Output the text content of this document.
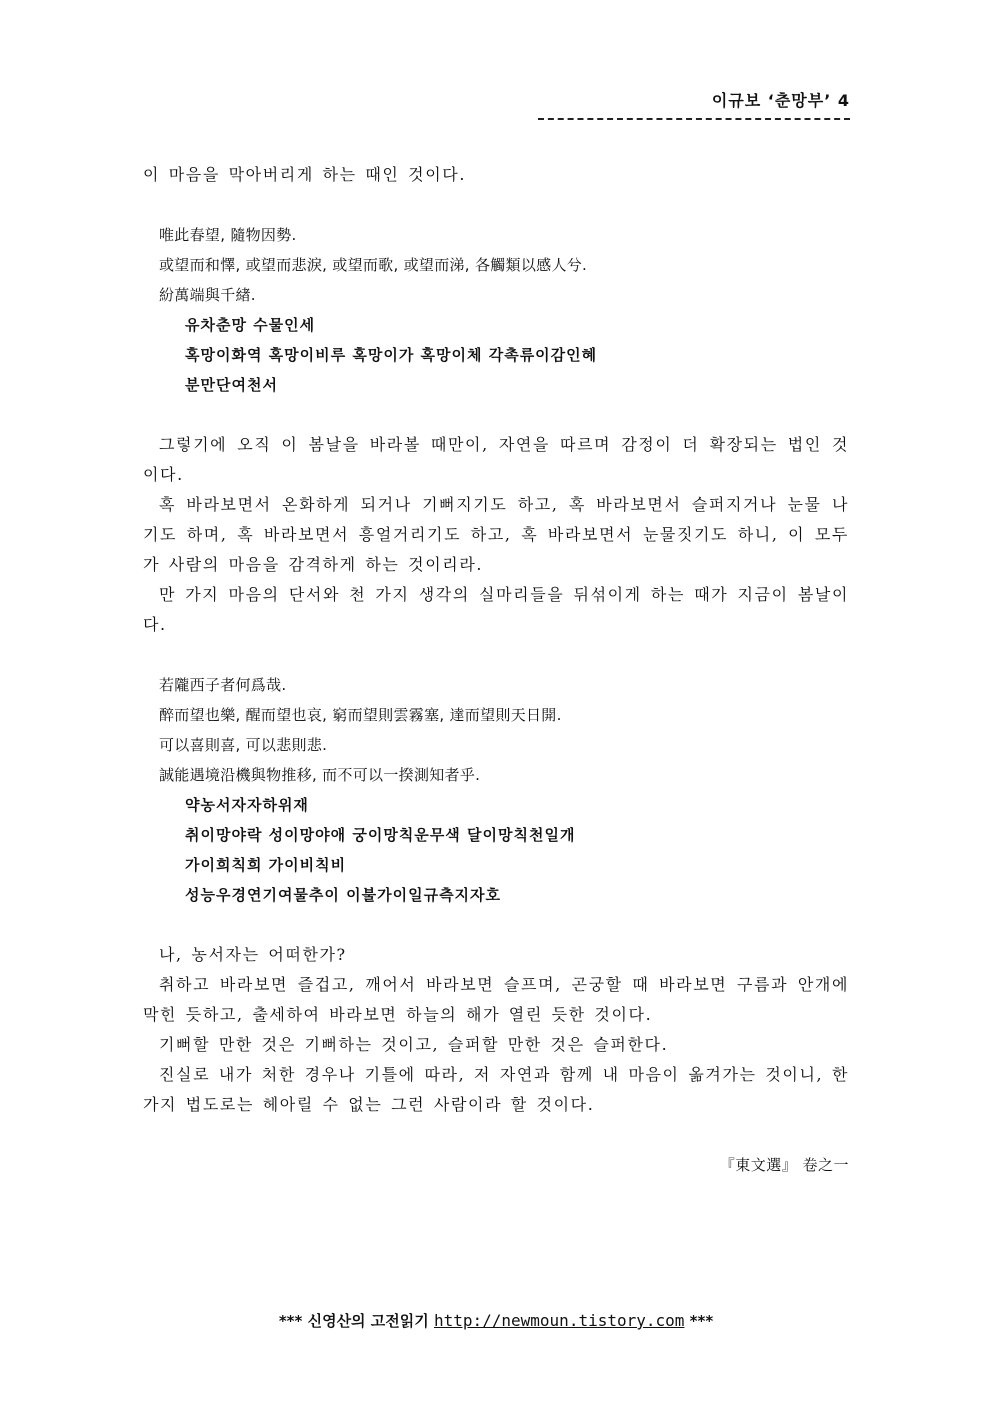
이규보 ‘춘망부’ 4

이 마음을 막아버리게 하는 때인 것이다.

唯此春望, 隨物因勢.

或望而和懌, 或望而悲淚, 或望而歌, 或望而涕, 各觸類以感人兮.

紛萬端與千緖.

유차춘망 수물인세

혹망이화역 혹망이비루 혹망이가 혹망이체 각촉류이감인혜

분만단여천서

그렇기에 오직 이 봄날을 바라볼 때만이, 자연을 따르며 감정이 더 확장되는 법인 것이다.

혹 바라보면서 온화하게 되거나 기뻐지기도 하고, 혹 바라보면서 슬퍼지거나 눈물 나기도 하며, 혹 바라보면서 흥얼거리기도 하고, 혹 바라보면서 눈물짓기도 하니, 이 모두가 사람의 마음을 감격하게 하는 것이리라.

만 가지 마음의 단서와 천 가지 생각의 실마리들을 뒤섞이게 하는 때가 지금이 봄날이다.

若隴西子者何爲哉.

醉而望也樂, 醒而望也哀, 窮而望則雲霧塞, 達而望則天日開.

可以喜則喜, 可以悲則悲.

誠能遇境沿機與物推移, 而不可以一揆測知者乎.

약농서자자하위재

취이망야락 성이망야애 궁이망칙운무색 달이망칙천일개

가이희칙희 가이비칙비

성능우경연기여물추이 이불가이일규측지자호

나, 농서자는 어떠한가?

취하고 바라보면 즐겁고, 깨어서 바라보면 슬프며, 곤궁할 때 바라보면 구름과 안개에 막힌 듯하고, 출세하여 바라보면 하늘의 해가 열린 듯한 것이다.

기뻐할 만한 것은 기뻐하는 것이고, 슬퍼할 만한 것은 슬퍼한다.

진실로 내가 처한 경우나 기틀에 따라, 저 자연과 함께 내 마음이 옮겨가는 것이니, 한 가지 법도로는 헤아릴 수 없는 그런 사람이라 할 것이다.

『東文選』 卷之一

*** 신영산의 고전읽기 http://newmoun.tistory.com ***
